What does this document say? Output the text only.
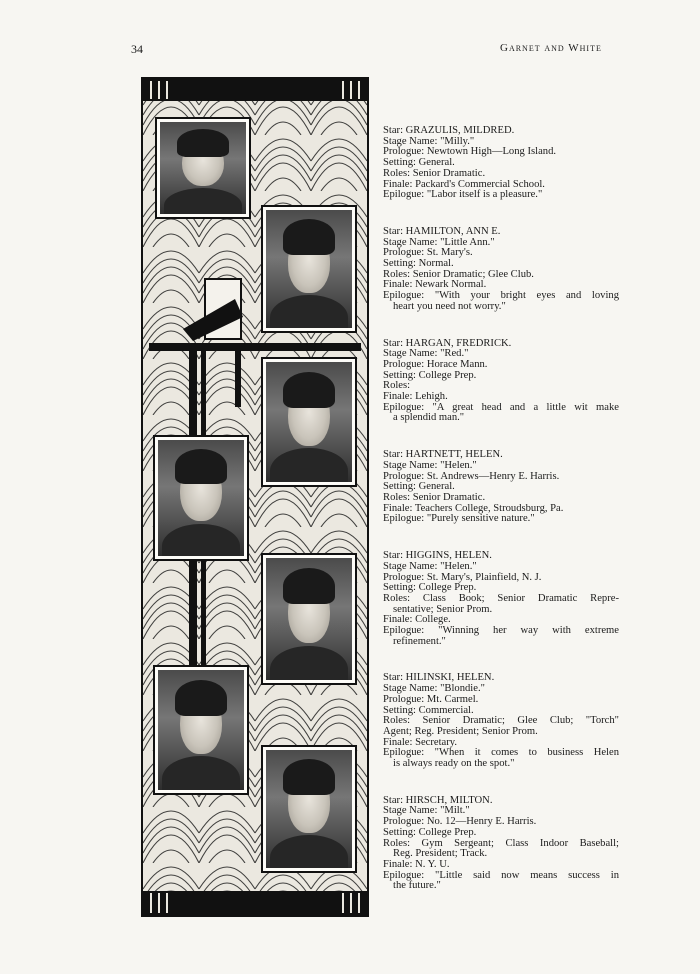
34	Garnet and White
Star: GRAZULIS, MILDRED.
Stage Name: "Milly."
Prologue: Newtown High—Long Island.
Setting: General.
Roles: Senior Dramatic.
Finale: Packard's Commercial School.
Epilogue: "Labor itself is a pleasure."
Star: HAMILTON, ANN E.
Stage Name: "Little Ann."
Prologue: St. Mary's.
Setting: Normal.
Roles: Senior Dramatic; Glee Club.
Finale: Newark Normal.
Epilogue: "With your bright eyes and loving
heart you need not worry."
Star: HARGAN, FREDRICK.
Stage Name: "Red."
Prologue: Horace Mann.
Setting: College Prep.
Roles:
Finale: Lehigh.
Epilogue: "A great head and a little wit make
a splendid man."
Star: HARTNETT, HELEN.
Stage Name: "Helen."
Prologue: St. Andrews—Henry E. Harris.
Setting: General.
Roles: Senior Dramatic.
Finale: Teachers College, Stroudsburg, Pa.
Epilogue: "Purely sensitive nature."
Star: HIGGINS, HELEN.
Stage Name: "Helen."
Prologue: St. Mary's, Plainfield, N. J.
Setting: College Prep.
Roles: Class Book; Senior Dramatic Repre-
sentative; Senior Prom.
Finale: College.
Epilogue: "Winning her way with extreme
refinement."
Star: HILINSKI, HELEN.
Stage Name: "Blondie."
Prologue: Mt. Carmel.
Setting: Commercial.
Roles: Senior Dramatic; Glee Club; "Torch"
Agent; Reg. President; Senior Prom.
Finale: Secretary.
Epilogue: "When it comes to business Helen
is always ready on the spot."
Star: HIRSCH, MILTON.
Stage Name: "Milt."
Prologue: No. 12—Henry E. Harris.
Setting: College Prep.
Roles: Gym Sergeant; Class Indoor Baseball;
Reg. President; Track.
Finale: N. Y. U.
Epilogue: "Little said now means success in
the future."
